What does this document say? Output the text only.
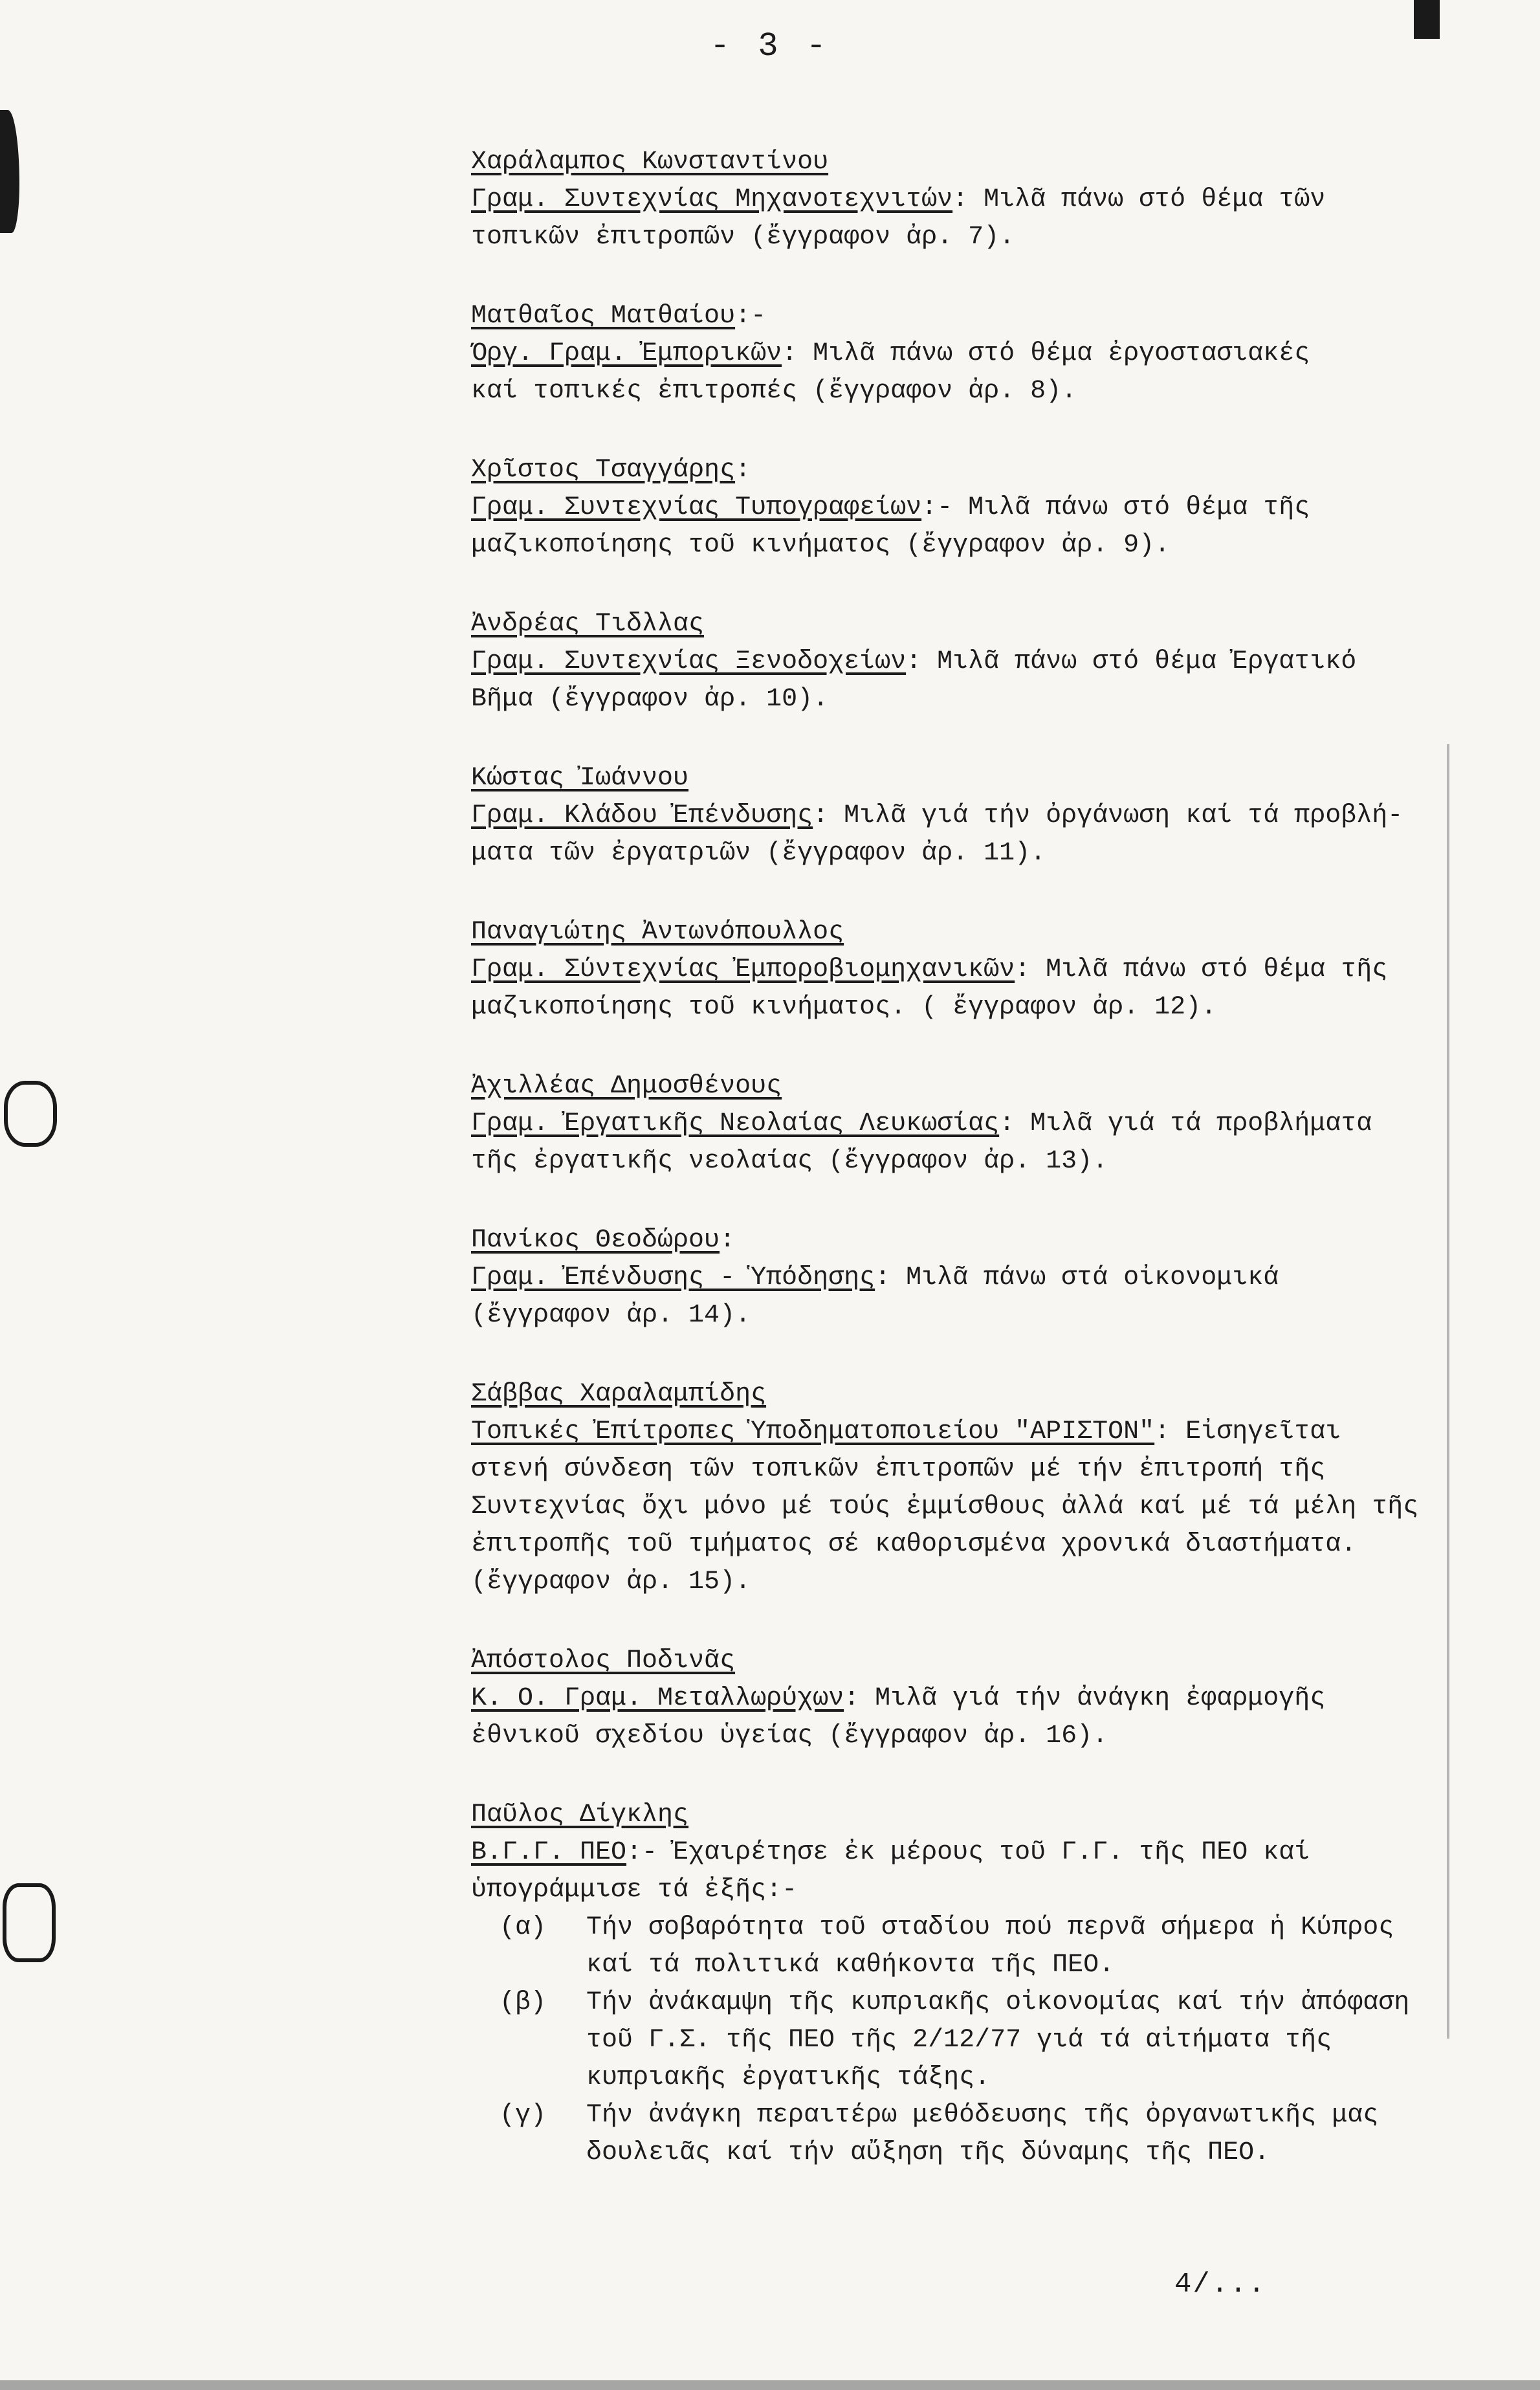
- 3 -
Χαράλαμπος Κωνσταντίνου
Γραμ. Συντεχνίας Μηχανοτεχνιτών: Μιλᾶ πάνω στό θέμα τῶν
τοπικῶν ἐπιτροπῶν (ἔγγραφον ἀρ. 7).
Ματθαῖος Ματθαίου:-
Όργ. Γραμ. Ἐμπορικῶν: Μιλᾶ πάνω στό θέμα ἐργοστασιακές
καί τοπικές ἐπιτροπές (ἔγγραφον ἀρ. 8).
Χρῖστος Τσαγγάρης:
Γραμ. Συντεχνίας Τυπογραφείων:- Μιλᾶ πάνω στό θέμα τῆς
μαζικοποίησης τοῦ κινήματος (ἔγγραφον ἀρ. 9).
Ἀνδρέας Τιδλλας
Γραμ. Συντεχνίας Ξενοδοχείων: Μιλᾶ πάνω στό θέμα Ἐργατικό
Βῆμα (ἔγγραφον ἀρ. 10).
Κώστας Ἰωάννου
Γραμ. Κλάδου Ἐπένδυσης: Μιλᾶ γιά τήν ὀργάνωση καί τά προβλή-
ματα τῶν ἐργατριῶν (ἔγγραφον ἀρ. 11).
Παναγιώτης Ἀντωνόπουλλος
Γραμ. Σύντεχνίας Ἐμποροβιομηχανικῶν: Μιλᾶ πάνω στό θέμα τῆς
μαζικοποίησης τοῦ κινήματος. ( ἔγγραφον ἀρ. 12).
Ἀχιλλέας Δημοσθένους
Γραμ. Ἐργατικῆς Νεολαίας Λευκωσίας: Μιλᾶ γιά τά προβλήματα
τῆς ἐργατικῆς νεολαίας (ἔγγραφον ἀρ. 13).
Πανίκος Θεοδώρου:
Γραμ. Ἐπένδυσης - Ὑπόδησης: Μιλᾶ πάνω στά οἰκονομικά
(ἔγγραφον ἀρ. 14).
Σάββας Χαραλαμπίδης
Τοπικές Ἐπίτροπες Ὑποδηματοποιείου "ΑΡΙΣΤΟΝ": Εἰσηγεῖται
στενή σύνδεση τῶν τοπικῶν ἐπιτροπῶν μέ τήν ἐπιτροπή τῆς
Συντεχνίας ὄχι μόνο μέ τούς ἐμμίσθους ἀλλά καί μέ τά μέλη τῆς
ἐπιτροπῆς τοῦ τμήματος σέ καθορισμένα χρονικά διαστήματα.
(ἔγγραφον ἀρ. 15).
Ἀπόστολος Ποδινᾶς
Κ. Ο. Γραμ. Μεταλλωρύχων: Μιλᾶ γιά τήν ἀνάγκη ἐφαρμογῆς
ἐθνικοῦ σχεδίου ὑγείας (ἔγγραφον ἀρ. 16).
Παῦλος Δίγκλης
Β.Γ.Γ. ΠΕΟ:- Ἐχαιρέτησε ἐκ μέρους τοῦ Γ.Γ. τῆς ΠΕΟ καί
ὑπογράμμισε τά ἐξῆς:-
(α)	Τήν σοβαρότητα τοῦ σταδίου πού περνᾶ σήμερα ἡ Κύπρος
καί τά πολιτικά καθήκοντα τῆς ΠΕΟ.
(β)	Τήν ἀνάκαμψη τῆς κυπριακῆς οἰκονομίας καί τήν ἀπόφαση
τοῦ Γ.Σ. τῆς ΠΕΟ τῆς 2/12/77 γιά τά αἰτήματα τῆς
κυπριακῆς ἐργατικῆς τάξης.
(γ)	Τήν ἀνάγκη περαιτέρω μεθόδευσης τῆς ὀργανωτικῆς μας
δουλειᾶς καί τήν αὔξηση τῆς δύναμης τῆς ΠΕΟ.
4/...
